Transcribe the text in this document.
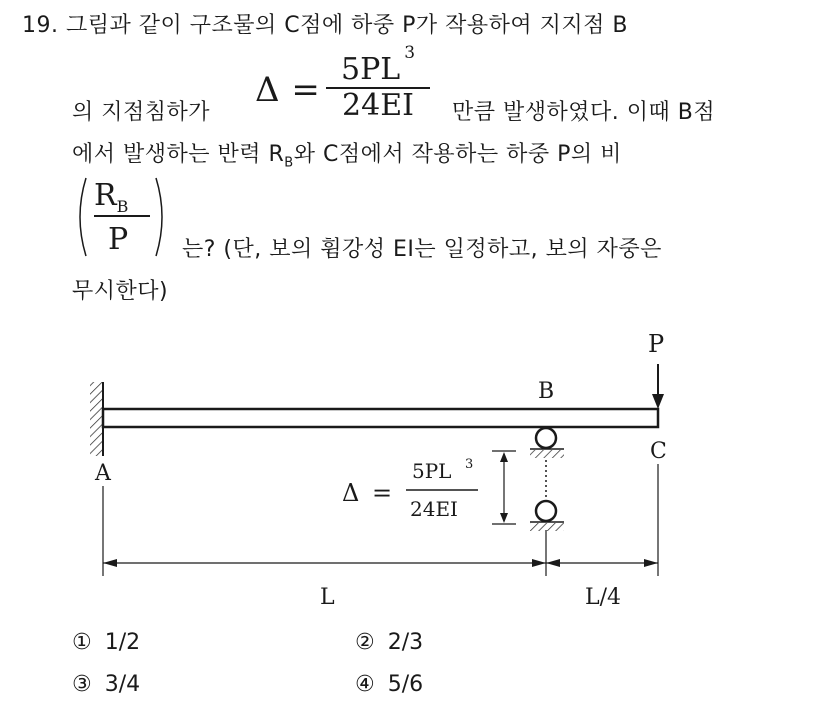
19. 그림과 같이 구조물의 C점에 하중 P가 작용하여 지지점 B
의 지점침하가
Δ =
5PL $^3$
24EI	만큼 발생하였다. 이때 B점
에서 발생하는 반력 $R_B$와 C점에서 작용하는 하중 P의 비
$R_B$
P 는? (단, 보의 휨강성 EI는 일정하고, 보의 자중은
무시한다)
P
B
C
A
L	L/4
Δ =
5PL 3
24EI
① 1/2	② 2/3
③ 3/4	④ 5/6
